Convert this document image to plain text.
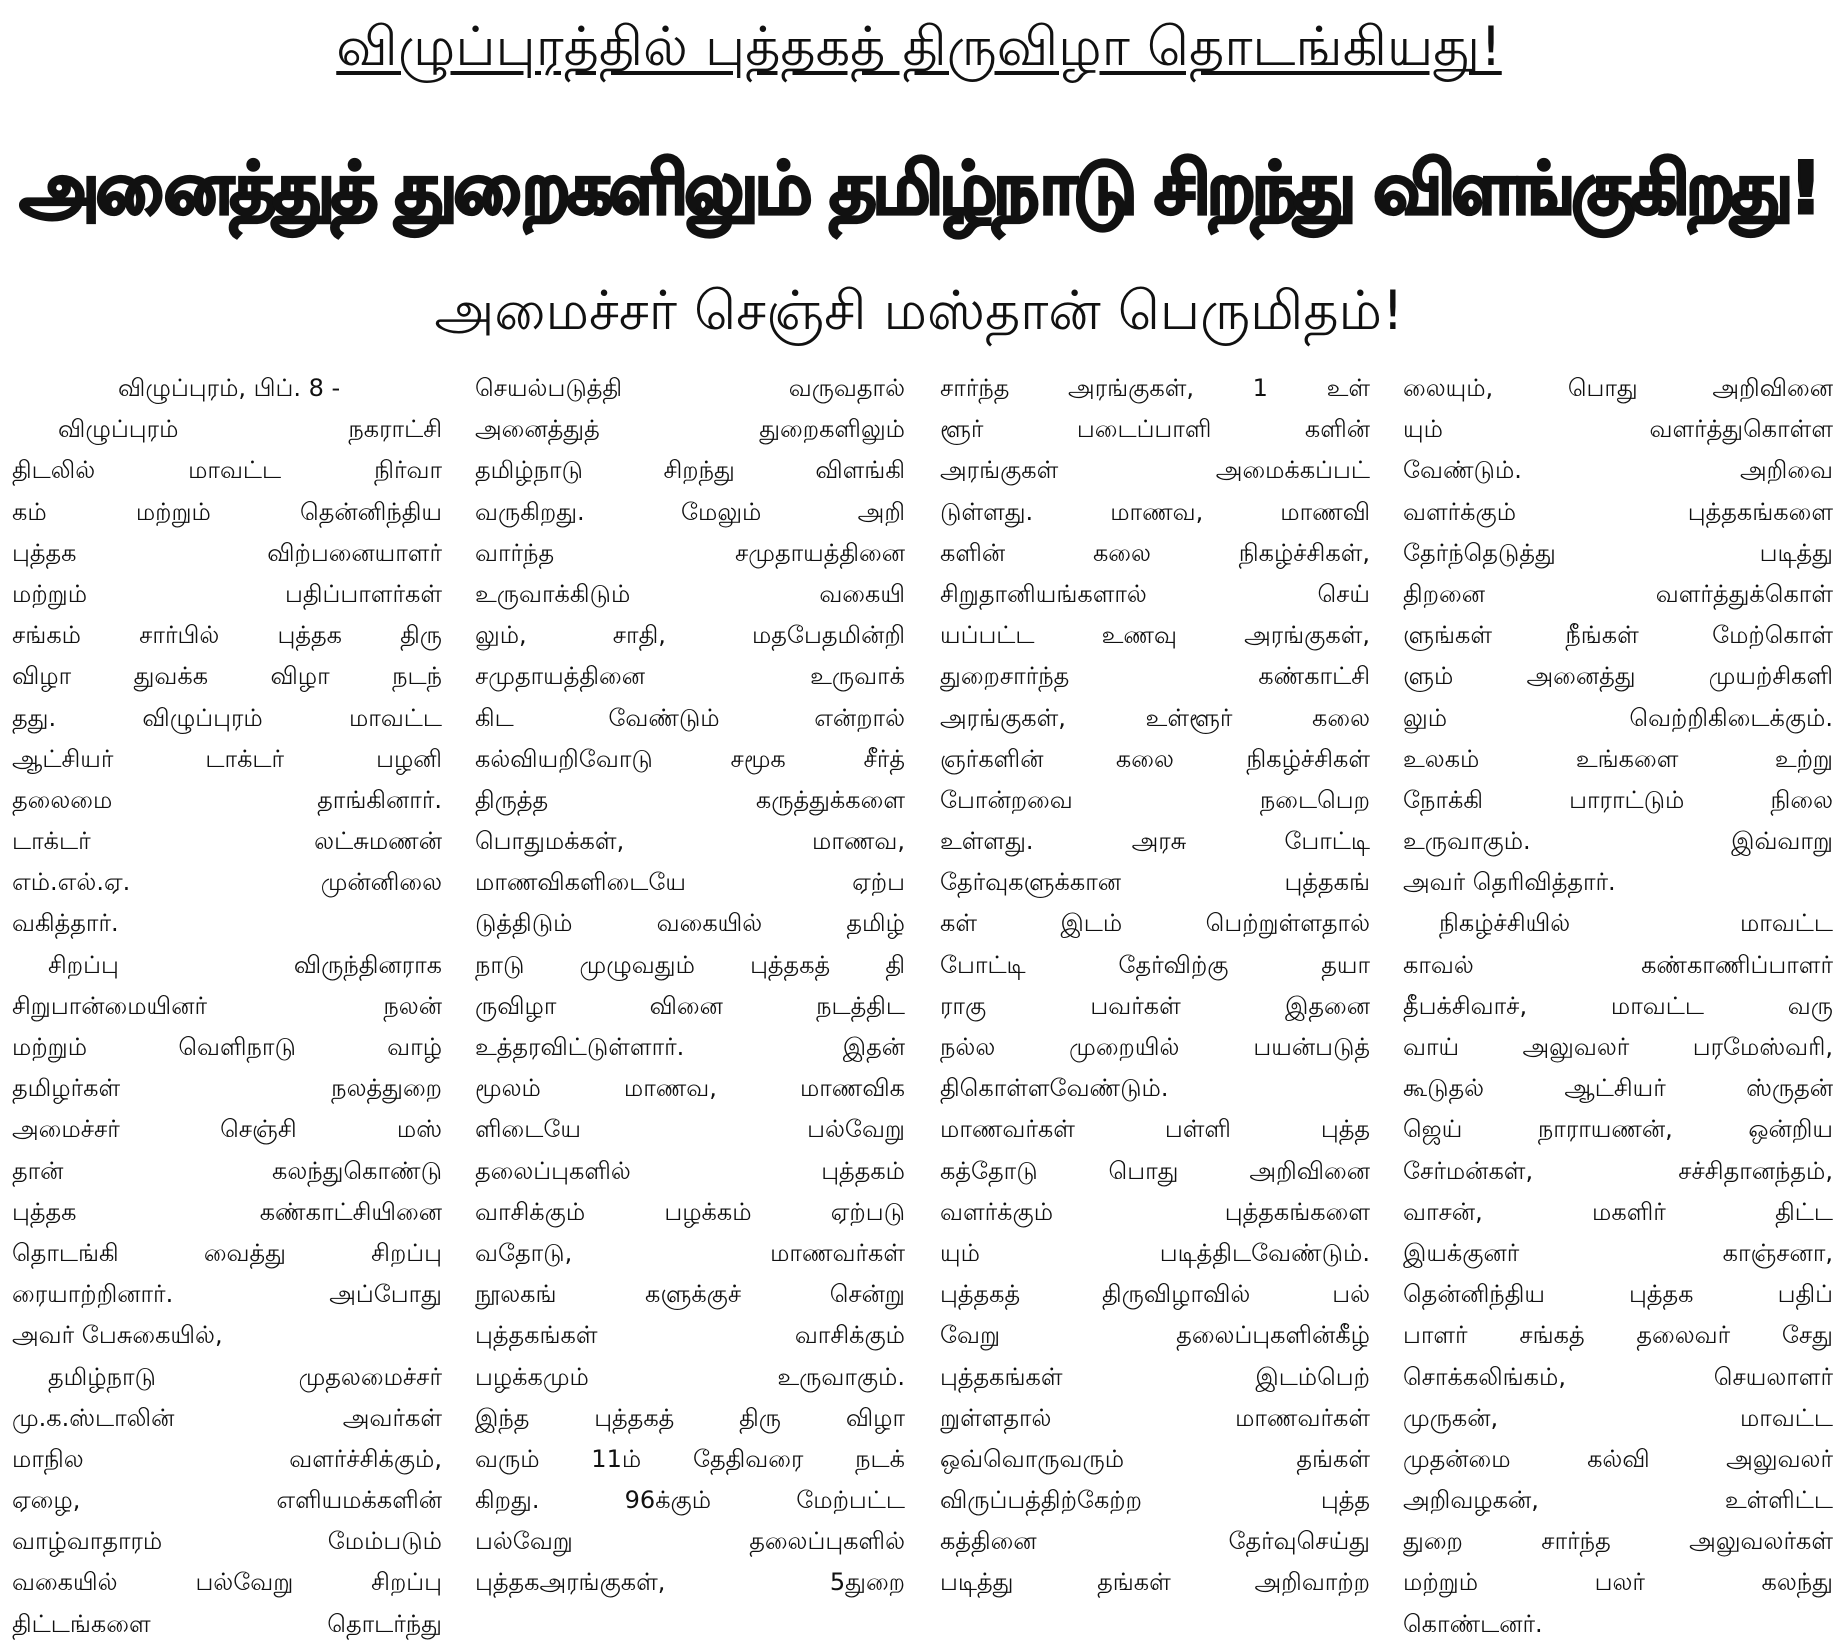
விழுப்புரத்தில் புத்தகத் திருவிழா தொடங்கியது!
அனைத்துத் துறைகளிலும் தமிழ்நாடு சிறந்து விளங்குகிறது!
அமைச்சர் செஞ்சி மஸ்தான் பெருமிதம்!
விழுப்புரம், பிப். 8 -
விழுப்புரம் நகராட்சி
திடலில் மாவட்ட நிர்வா
கம் மற்றும் தென்னிந்திய
புத்தக விற்பனையாளர்
மற்றும் பதிப்பாளர்கள்
சங்கம் சார்பில் புத்தக திரு
விழா துவக்க விழா நடந்
தது. விழுப்புரம் மாவட்ட
ஆட்சியர் டாக்டர் பழனி
தலைமை தாங்கினார்.
டாக்டர் லட்சுமணன்
எம்.எல்.ஏ. முன்னிலை
வகித்தார்.
சிறப்பு விருந்தினராக
சிறுபான்மையினர் நலன்
மற்றும் வெளிநாடு வாழ்
தமிழர்கள் நலத்துறை
அமைச்சர் செஞ்சி மஸ்
தான் கலந்துகொண்டு
புத்தக கண்காட்சியினை
தொடங்கி வைத்து சிறப்பு
ரையாற்றினார். அப்போது
அவர் பேசுகையில்,
தமிழ்நாடு முதலமைச்சர்
மு.க.ஸ்டாலின் அவர்கள்
மாநில வளர்ச்சிக்கும்,
ஏழை, எளியமக்களின்
வாழ்வாதாரம் மேம்படும்
வகையில் பல்வேறு சிறப்பு
திட்டங்களை தொடர்ந்து
செயல்படுத்தி வருவதால்
அனைத்துத் துறைகளிலும்
தமிழ்நாடு சிறந்து விளங்கி
வருகிறது. மேலும் அறி
வார்ந்த சமுதாயத்தினை
உருவாக்கிடும் வகையி
லும், சாதி, மதபேதமின்றி
சமுதாயத்தினை உருவாக்
கிட வேண்டும் என்றால்
கல்வியறிவோடு சமூக சீர்த்
திருத்த கருத்துக்களை
பொதுமக்கள், மாணவ,
மாணவிகளிடையே ஏற்ப
டுத்திடும் வகையில் தமிழ்
நாடு முழுவதும் புத்தகத் தி
ருவிழா வினை நடத்திட
உத்தரவிட்டுள்ளார். இதன்
மூலம் மாணவ, மாணவிக
ளிடையே பல்வேறு
தலைப்புகளில் புத்தகம்
வாசிக்கும் பழக்கம் ஏற்படு
வதோடு, மாணவர்கள்
நூலகங் களுக்குச் சென்று
புத்தகங்கள் வாசிக்கும்
பழக்கமும் உருவாகும்.
இந்த புத்தகத் திரு விழா
வரும் 11ம் தேதிவரை நடக்
கிறது. 96க்கும் மேற்பட்ட
பல்வேறு தலைப்புகளில்
புத்தகஅரங்குகள், 5துறை
சார்ந்த அரங்குகள், 1 உள்
ளூர் படைப்பாளி களின்
அரங்குகள் அமைக்கப்பட்
டுள்ளது. மாணவ, மாணவி
களின் கலை நிகழ்ச்சிகள்,
சிறுதானியங்களால் செய்
யப்பட்ட உணவு அரங்குகள்,
துறைசார்ந்த கண்காட்சி
அரங்குகள், உள்ளூர் கலை
ஞர்களின் கலை நிகழ்ச்சிகள்
போன்றவை நடைபெற
உள்ளது. அரசு போட்டி
தேர்வுகளுக்கான புத்தகங்
கள் இடம் பெற்றுள்ளதால்
போட்டி தேர்விற்கு தயா
ராகு பவர்கள் இதனை
நல்ல முறையில் பயன்படுத்
திகொள்ளவேண்டும்.
மாணவர்கள் பள்ளி புத்த
கத்தோடு பொது அறிவினை
வளர்க்கும் புத்தகங்களை
யும் படித்திடவேண்டும்.
புத்தகத் திருவிழாவில் பல்
வேறு தலைப்புகளின்கீழ்
புத்தகங்கள் இடம்பெற்
றுள்ளதால் மாணவர்கள்
ஒவ்வொருவரும் தங்கள்
விருப்பத்திற்கேற்ற புத்த
கத்தினை தேர்வுசெய்து
படித்து தங்கள் அறிவாற்ற
லையும், பொது அறிவினை
யும் வளர்த்துகொள்ள
வேண்டும். அறிவை
வளர்க்கும் புத்தகங்களை
தேர்ந்தெடுத்து படித்து
திறனை வளர்த்துக்கொள்
ளுங்கள் நீங்கள் மேற்கொள்
ளும் அனைத்து முயற்சிகளி
லும் வெற்றிகிடைக்கும்.
உலகம் உங்களை உற்று
நோக்கி பாராட்டும் நிலை
உருவாகும். இவ்வாறு
அவர் தெரிவித்தார்.
நிகழ்ச்சியில் மாவட்ட
காவல் கண்காணிப்பாளர்
தீபக்சிவாச், மாவட்ட வரு
வாய் அலுவலர் பரமேஸ்வரி,
கூடுதல் ஆட்சியர் ஸ்ருதன்
ஜெய் நாராயணன், ஒன்றிய
சேர்மன்கள், சச்சிதானந்தம்,
வாசன், மகளிர் திட்ட
இயக்குனர் காஞ்சனா,
தென்னிந்திய புத்தக பதிப்
பாளர் சங்கத் தலைவர் சேது
சொக்கலிங்கம், செயலாளர்
முருகன், மாவட்ட
முதன்மை கல்வி அலுவலர்
அறிவழகன், உள்ளிட்ட
துறை சார்ந்த அலுவலர்கள்
மற்றும் பலர் கலந்து
கொண்டனர்.
